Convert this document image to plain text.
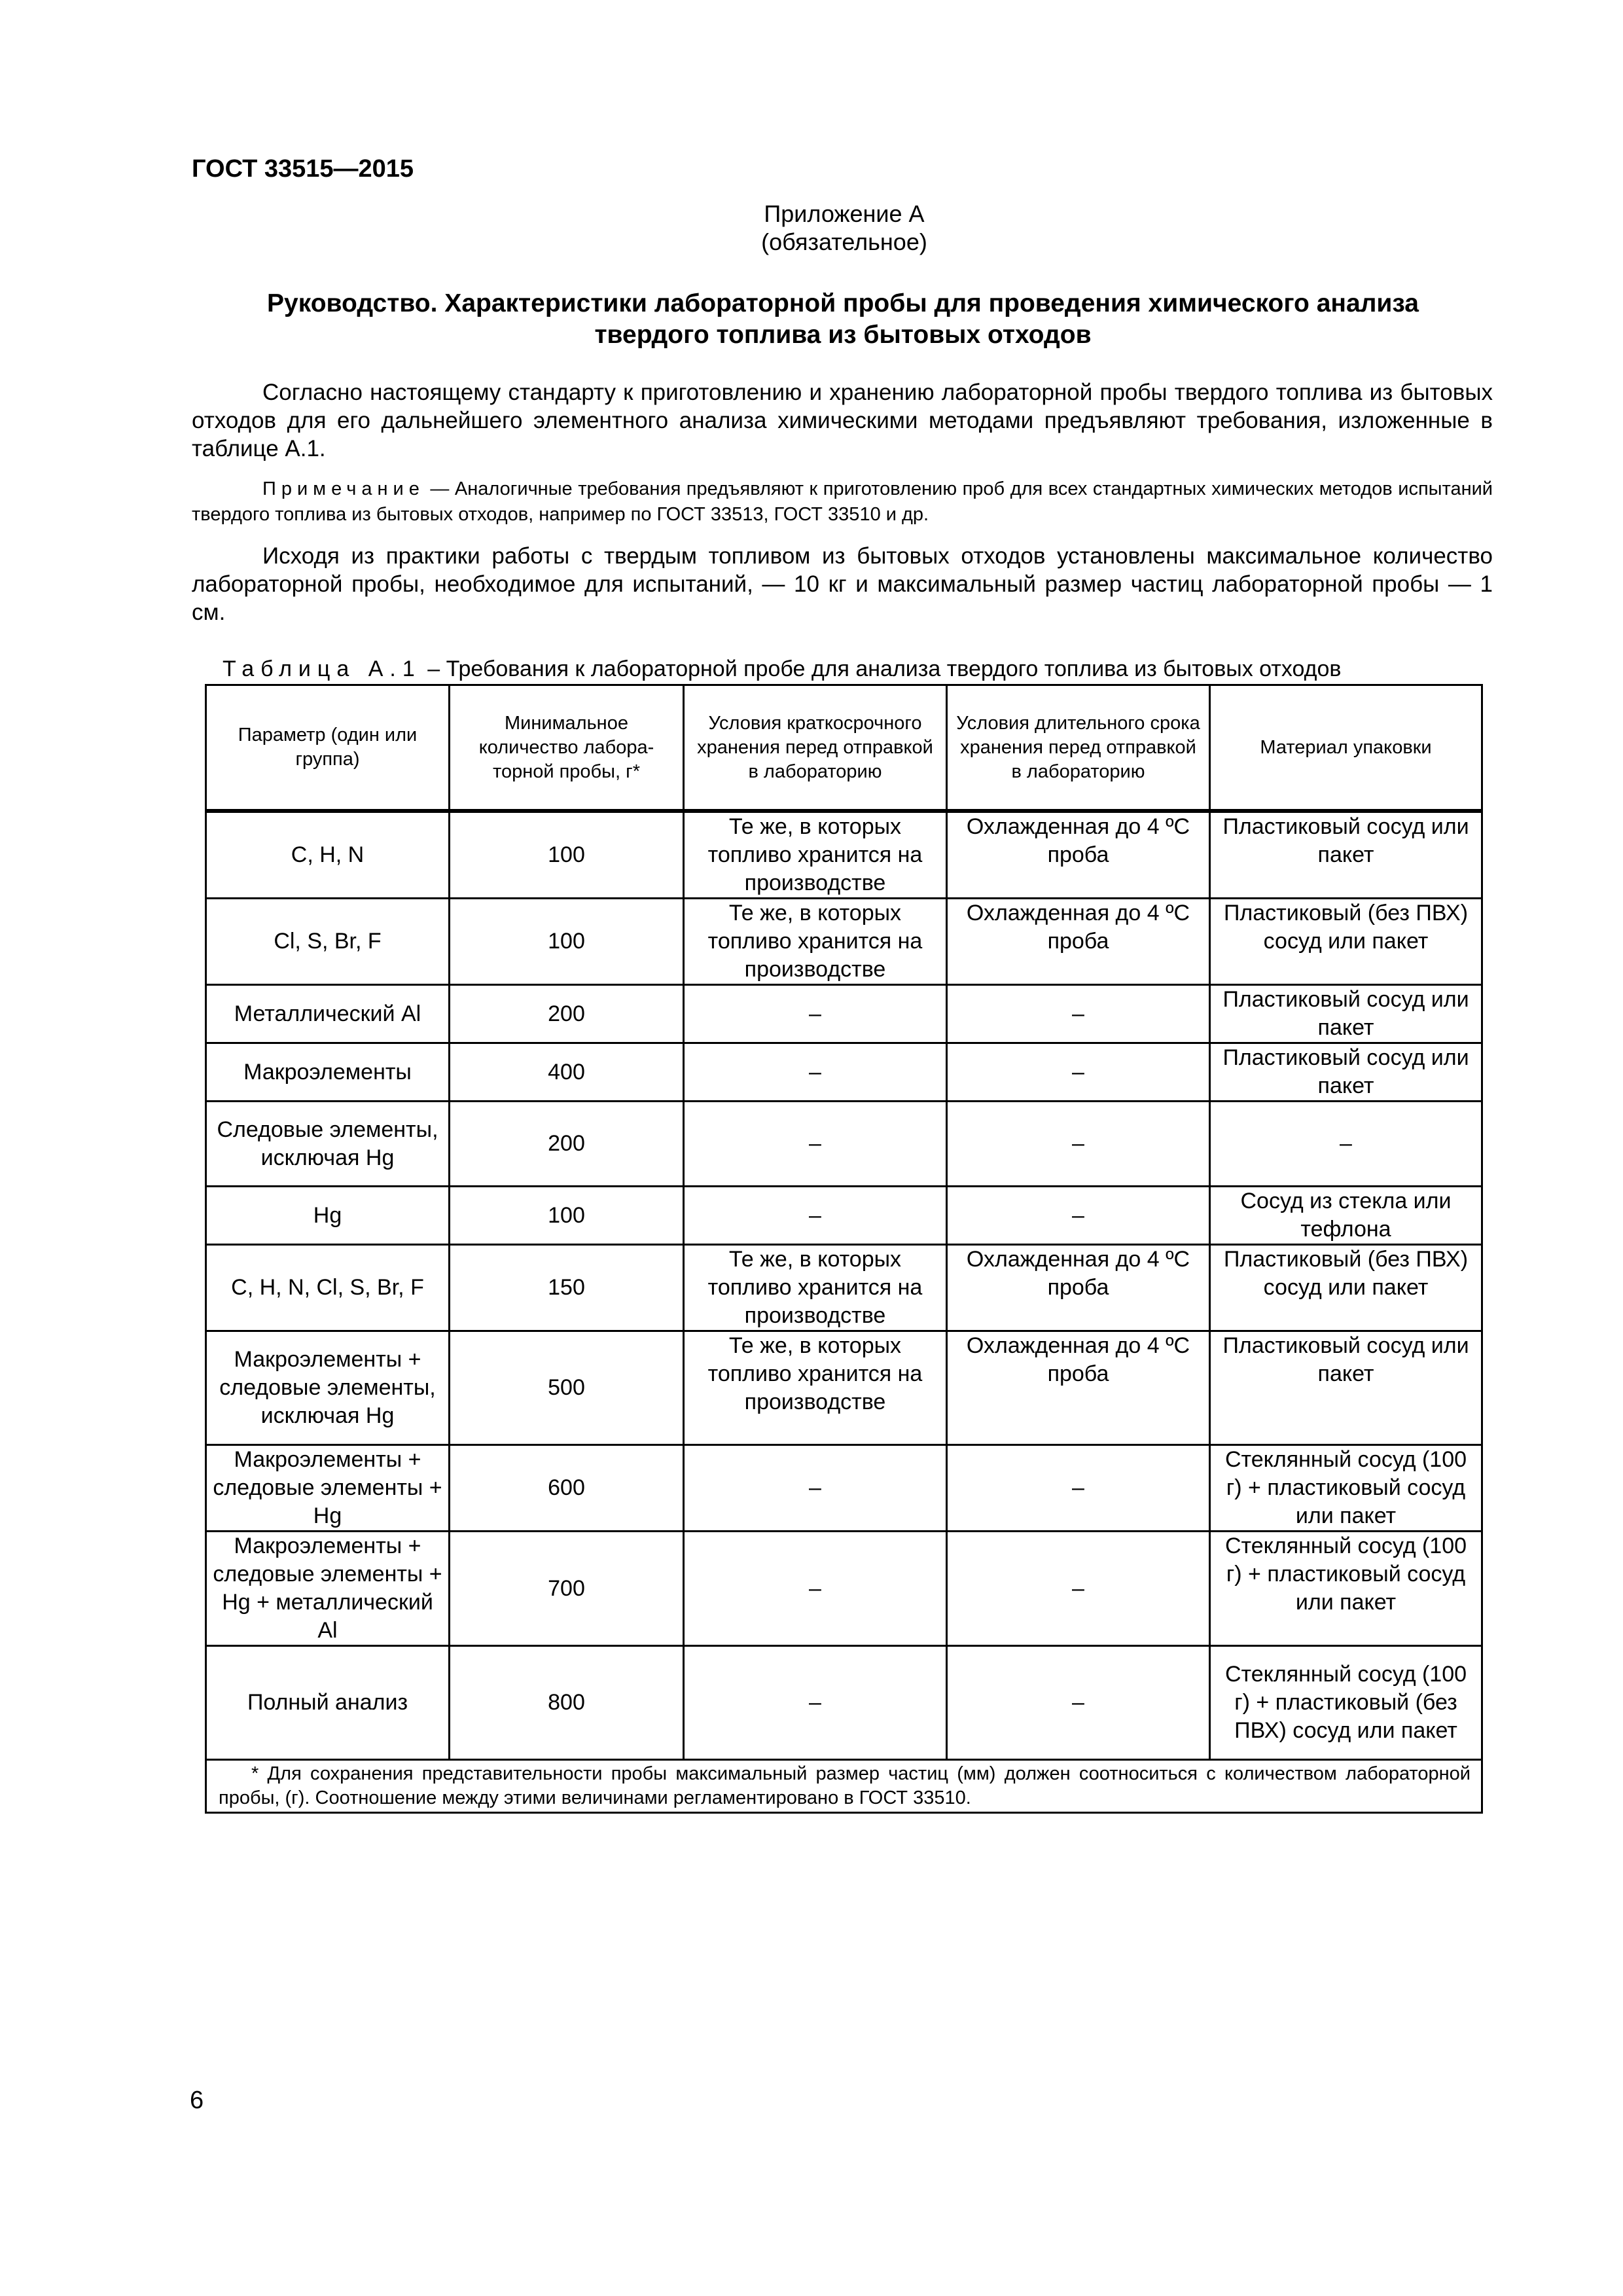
ГОСТ 33515—2015
Приложение А
(обязательное)
Руководство. Характеристики лабораторной пробы для проведения химического анализа
твердого топлива из бытовых отходов

Согласно настоящему стандарту к приготовлению и хранению лабораторной пробы твердого топлива из бытовых отходов для его дальнейшего элементного анализа химическими методами предъявляют требования, изложенные в таблице А.1.

Примечание — Аналогичные требования предъявляют к приготовлению проб для всех стандартных химических методов испытаний твердого топлива из бытовых отходов, например по ГОСТ 33513, ГОСТ 33510 и др.

Исходя из практики работы с твердым топливом из бытовых отходов установлены максимальное количество лабораторной пробы, необходимое для испытаний, — 10 кг и максимальный размер частиц лабораторной пробы — 1 см.

Таблица А.1 – Требования к лабораторной пробе для анализа твердого топлива из бытовых отходов
Параметр (один или группа)	Минимальное количество лабора-торной пробы, г*	Условия краткосрочного хранения перед отправкой в лабораторию	Условия длительного срока хранения перед отправкой в лабораторию	Материал упаковки
C, H, N	100	Те же, в которых топливо хранится на производстве	Охлажденная до 4 ºС проба	Пластиковый сосуд или пакет
Cl, S, Br, F	100	Те же, в которых топливо хранится на производстве	Охлажденная до 4 ºС проба	Пластиковый (без ПВХ) сосуд или пакет
Металлический Al	200	–	–	Пластиковый сосуд или пакет
Макроэлементы	400	–	–	Пластиковый сосуд или пакет
Следовые элементы, исключая Hg	200	–	–	–
Hg	100	–	–	Сосуд из стекла или тефлона
C, H, N, Cl, S, Br, F	150	Те же, в которых топливо хранится на производстве	Охлажденная до 4 ºС проба	Пластиковый (без ПВХ) сосуд или пакет
Макроэлементы + следовые элементы, исключая Hg	500	Те же, в которых топливо хранится на производстве	Охлажденная до 4 ºС проба	Пластиковый сосуд или пакет
Макроэлементы + следовые элементы + Hg	600	–	–	Стеклянный сосуд (100 г) + пластиковый сосуд или пакет
Макроэлементы + следовые элементы + Hg + металлический Al	700	–	–	Стеклянный сосуд (100 г) + пластиковый сосуд или пакет
Полный анализ	800	–	–	Стеклянный сосуд (100 г) + пластиковый (без ПВХ) сосуд или пакет
* Для сохранения представительности пробы максимальный размер частиц (мм) должен соотноситься с количеством лабораторной пробы, (г). Соотношение между этими величинами регламентировано в ГОСТ 33510.				
6
